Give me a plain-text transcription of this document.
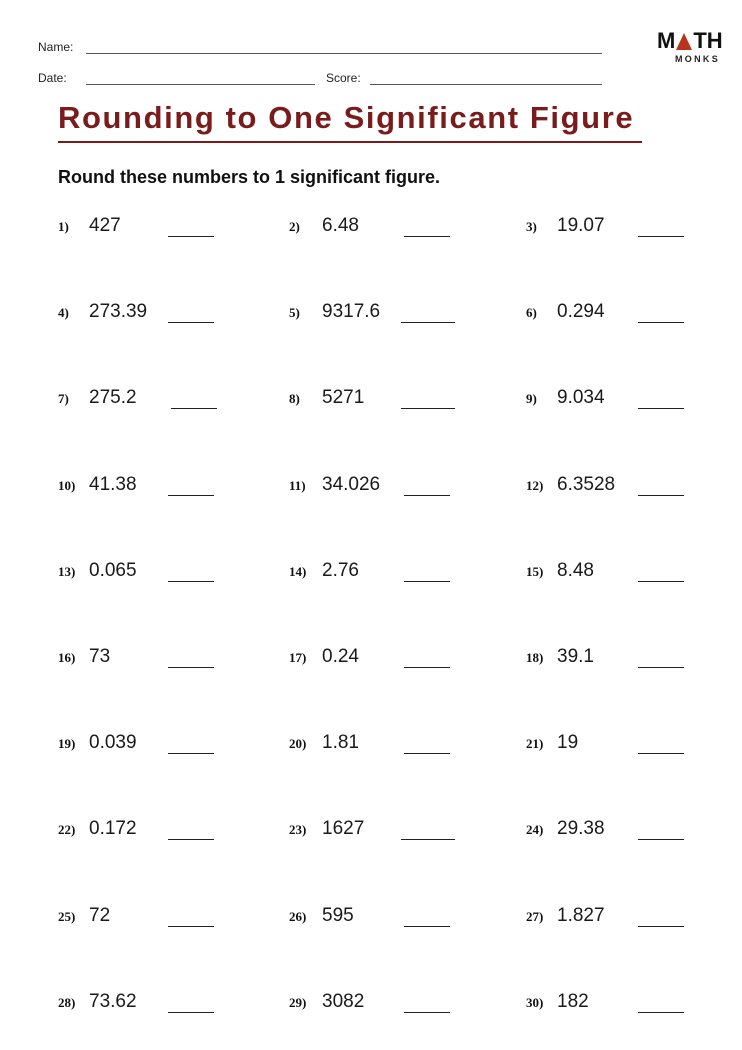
Name:
Date:	Score:
M TH
MONKS
Rounding to One Significant Figure
Round these numbers to 1 significant figure.
1) 427	2) 6.48	3) 19.07
4) 273.39	5) 9317.6	6) 0.294
7) 275.2	8) 5271	9) 9.034
10) 41.38	11) 34.026	12) 6.3528
13) 0.065	14) 2.76	15) 8.48
16) 73	17) 0.24	18) 39.1
19) 0.039	20) 1.81	21) 19
22) 0.172	23) 1627	24) 29.38
25) 72	26) 595	27) 1.827
28) 73.62	29) 3082	30) 182
